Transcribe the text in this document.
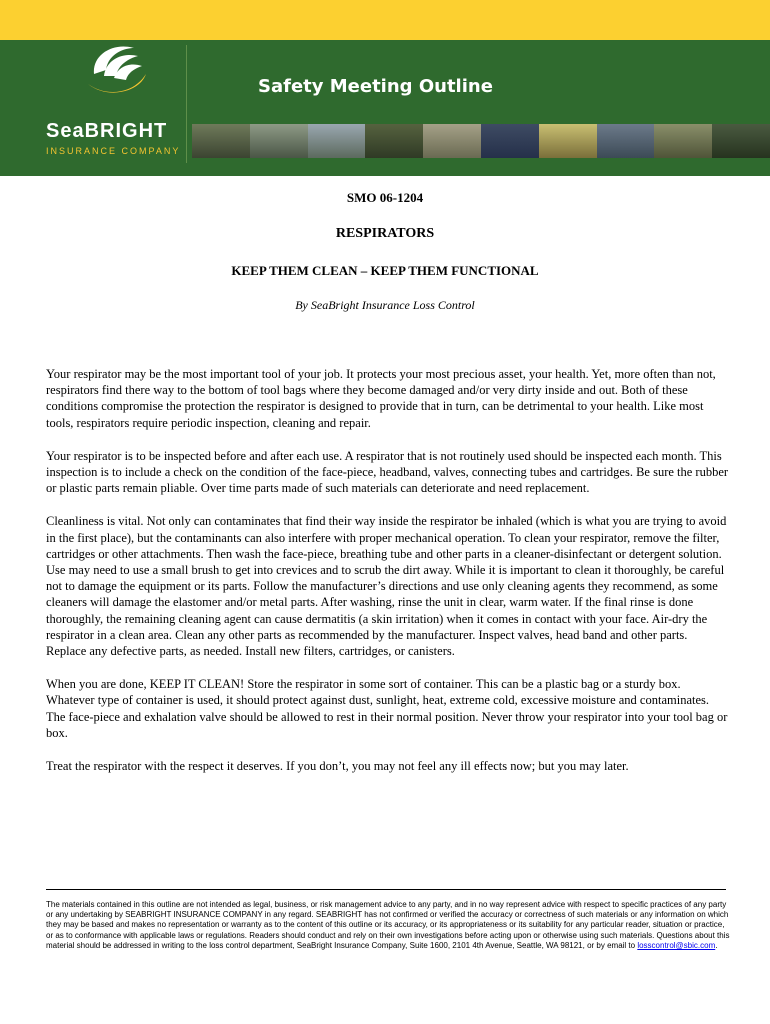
SeaBRIGHT
INSURANCE COMPANY
Safety Meeting Outline
SMO 06-1204
RESPIRATORS
KEEP THEM CLEAN – KEEP THEM FUNCTIONAL
By SeaBright Insurance Loss Control

Your respirator may be the most important tool of your job. It protects your most precious asset, your health. Yet, more often than not, respirators find there way to the bottom of tool bags where they become damaged and/or very dirty inside and out. Both of these conditions compromise the protection the respirator is designed to provide that in turn, can be detrimental to your health. Like most tools, respirators require periodic inspection, cleaning and repair.

Your respirator is to be inspected before and after each use. A respirator that is not routinely used should be inspected each month. This inspection is to include a check on the condition of the face-piece, headband, valves, connecting tubes and cartridges. Be sure the rubber or plastic parts remain pliable. Over time parts made of such materials can deteriorate and need replacement.

Cleanliness is vital. Not only can contaminates that find their way inside the respirator be inhaled (which is what you are trying to avoid in the first place), but the contaminants can also interfere with proper mechanical operation. To clean your respirator, remove the filter, cartridges or other attachments. Then wash the face-piece, breathing tube and other parts in a cleaner-disinfectant or detergent solution. Use may need to use a small brush to get into crevices and to scrub the dirt away. While it is important to clean it thoroughly, be careful not to damage the equipment or its parts. Follow the manufacturer’s directions and use only cleaning agents they recommend, as some cleaners will damage the elastomer and/or metal parts. After washing, rinse the unit in clear, warm water. If the final rinse is done thoroughly, the remaining cleaning agent can cause dermatitis (a skin irritation) when it comes in contact with your face. Air-dry the respirator in a clean area. Clean any other parts as recommended by the manufacturer. Inspect valves, head band and other parts. Replace any defective parts, as needed. Install new filters, cartridges, or canisters.

When you are done, KEEP IT CLEAN! Store the respirator in some sort of container. This can be a plastic bag or a sturdy box. Whatever type of container is used, it should protect against dust, sunlight, heat, extreme cold, excessive moisture and contaminates. The face-piece and exhalation valve should be allowed to rest in their normal position. Never throw your respirator into your tool bag or box.

Treat the respirator with the respect it deserves. If you don’t, you may not feel any ill effects now; but you may later.

The materials contained in this outline are not intended as legal, business, or risk management advice to any party, and in no way represent advice with respect to specific practices of any party or any undertaking by SEABRIGHT INSURANCE COMPANY in any regard. SEABRIGHT has not confirmed or verified the accuracy or correctness of such materials or any information on which they may be based and makes no representation or warranty as to the content of this outline or its accuracy, or its appropriateness or its suitability for any particular reader, situation or practice, or as to conformance with applicable laws or regulations. Readers should conduct and rely on their own investigations before acting upon or otherwise using such materials. Questions about this material should be addressed in writing to the loss control department, SeaBright Insurance Company, Suite 1600, 2101 4th Avenue, Seattle, WA 98121, or by email to losscontrol@sbic.com.
